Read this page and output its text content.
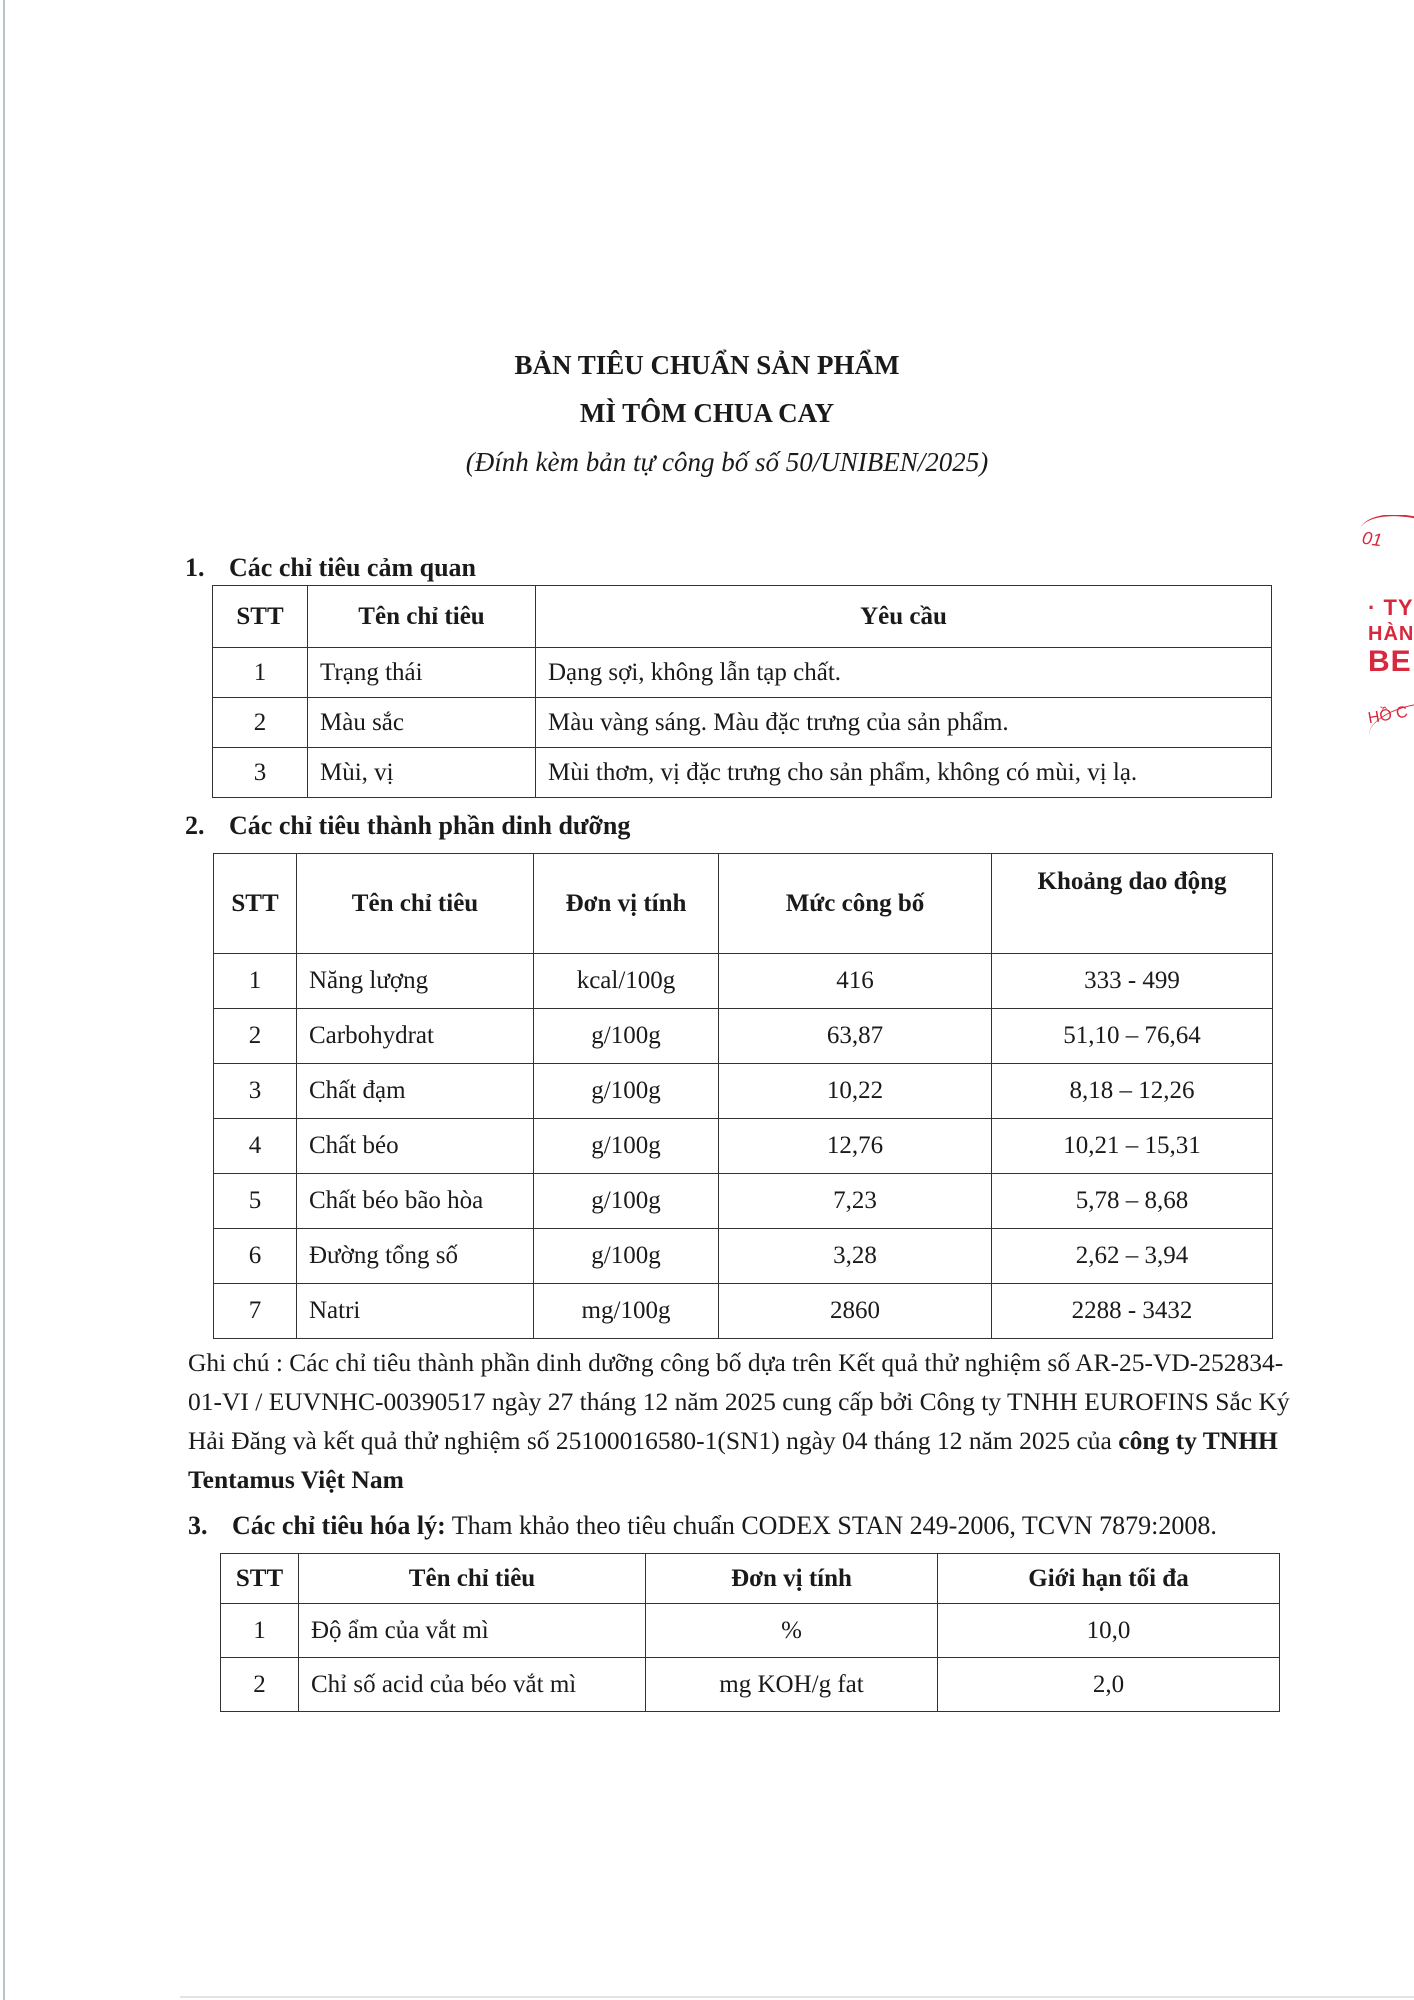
BẢN TIÊU CHUẨN SẢN PHẨM
MÌ TÔM CHUA CAY
(Đính kèm bản tự công bố số 50/UNIBEN/2025)
1. Các chỉ tiêu cảm quan
STT	Tên chỉ tiêu	Yêu cầu
1	Trạng thái	Dạng sợi, không lẫn tạp chất.
2	Màu sắc	Màu vàng sáng. Màu đặc trưng của sản phẩm.
3	Mùi, vị	Mùi thơm, vị đặc trưng cho sản phẩm, không có mùi, vị lạ.
2. Các chỉ tiêu thành phần dinh dưỡng
STT	Tên chỉ tiêu	Đơn vị tính	Mức công bố	Khoảng dao động
1	Năng lượng	kcal/100g	416	333 - 499
2	Carbohydrat	g/100g	63,87	51,10 – 76,64
3	Chất đạm	g/100g	10,22	8,18 – 12,26
4	Chất béo	g/100g	12,76	10,21 – 15,31
5	Chất béo bão hòa	g/100g	7,23	5,78 – 8,68
6	Đường tổng số	g/100g	3,28	2,62 – 3,94
7	Natri	mg/100g	2860	2288 - 3432
Ghi chú : Các chỉ tiêu thành phần dinh dưỡng công bố dựa trên Kết quả thử nghiệm số AR-25-VD-252834-01-VI / EUVNHC-00390517 ngày 27 tháng 12 năm 2025 cung cấp bởi Công ty TNHH EUROFINS Sắc Ký Hải Đăng và kết quả thử nghiệm số 25100016580-1(SN1) ngày 04 tháng 12 năm 2025 của công ty TNHH Tentamus Việt Nam
3. Các chỉ tiêu hóa lý: Tham khảo theo tiêu chuẩn CODEX STAN 249-2006, TCVN 7879:2008.
STT	Tên chỉ tiêu	Đơn vị tính	Giới hạn tối đa
1	Độ ẩm của vắt mì	%	10,0
2	Chỉ số acid của béo vắt mì	mg KOH/g fat	2,0
01
· TY
HÀN
BE
HỒ C
